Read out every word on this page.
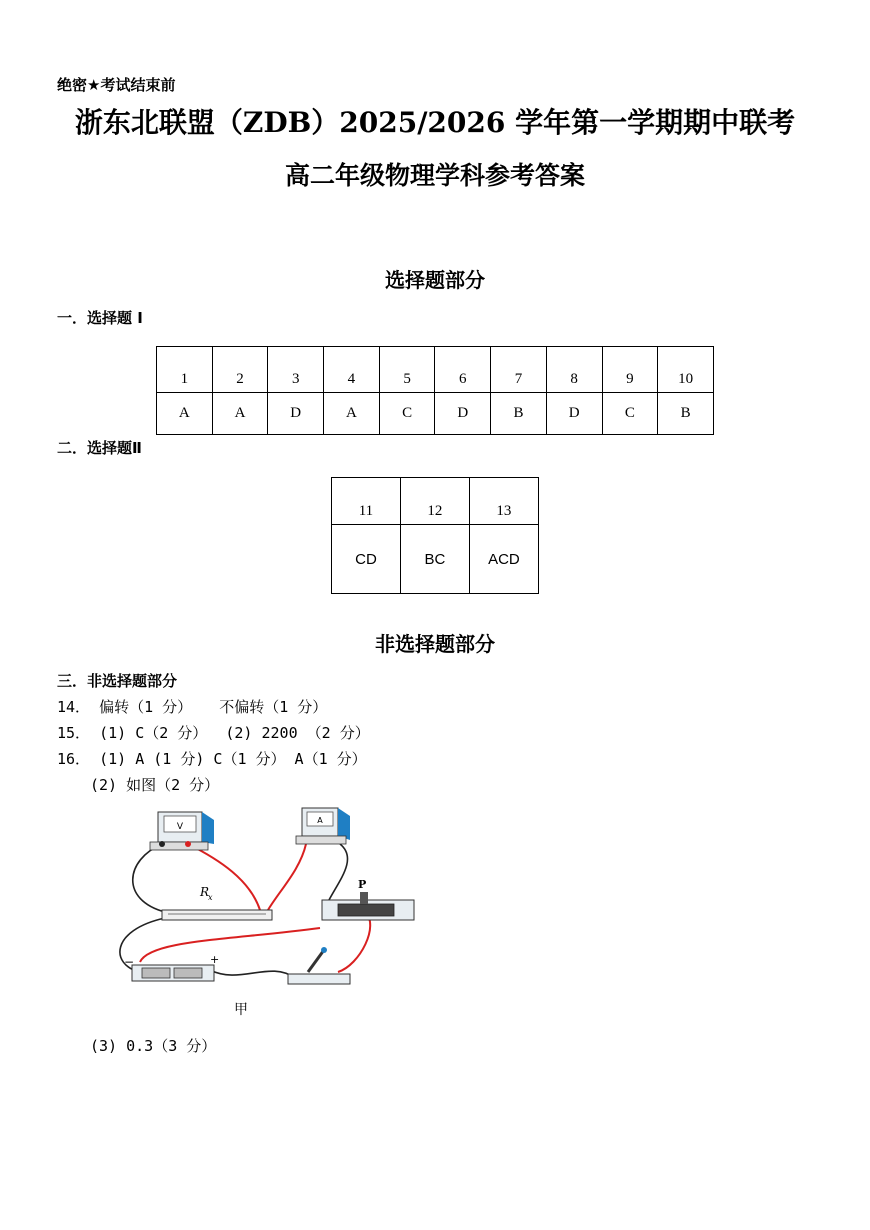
绝密★考试结束前
浙东北联盟（ZDB）2025/2026 学年第一学期期中联考
高二年级物理学科参考答案
选择题部分
一．选择题 I
1	2	3	4	5	6	7	8	9	10
A	A	D	A	C	D	B	D	C	B
二．选择题Ⅱ
11	12	13
CD	BC	ACD
非选择题部分
三．非选择题部分
14． 偏转（1 分）   不偏转（1 分）
15． (1) C（2 分）  (2) 2200 （2 分）
16． (1) A (1 分) C（1 分） A（1 分）
(2) 如图（2 分）
V
A
R
x
P
−	+
甲
(3) 0.3（3 分）
